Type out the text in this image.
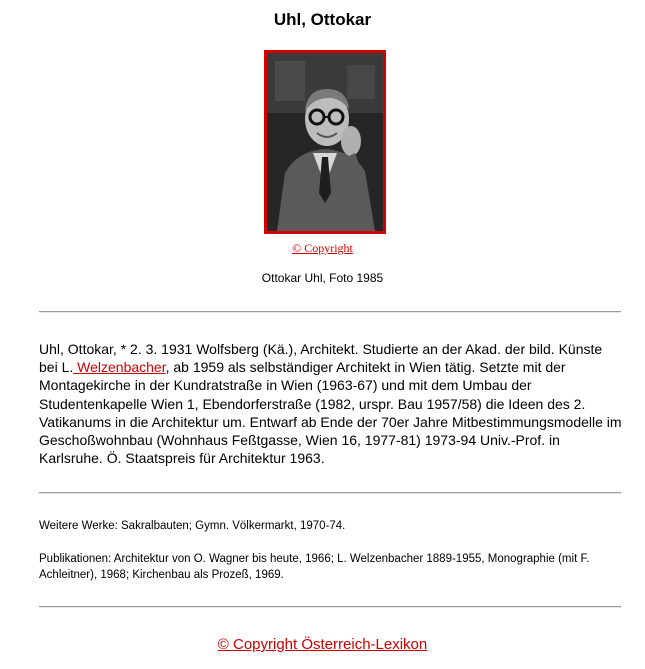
Uhl, Ottokar
© Copyright
Ottokar Uhl, Foto 1985

Uhl, Ottokar, * 2. 3. 1931 Wolfsberg (Kä.), Architekt. Studierte an der Akad. der bild. Künste bei L. Welzenbacher, ab 1959 als selbständiger Architekt in Wien tätig. Setzte mit der Montagekirche in der Kundratstraße in Wien (1963-67) und mit dem Umbau der Studentenkapelle Wien 1, Ebendorferstraße (1982, urspr. Bau 1957/58) die Ideen des 2. Vatikanums in die Architektur um. Entwarf ab Ende der 70er Jahre Mitbestimmungsmodelle im Geschoßwohnbau (Wohnhaus Feßtgasse, Wien 16, 1977-81) 1973-94 Univ.-Prof. in Karlsruhe. Ö. Staatspreis für Architektur 1963.

Weitere Werke: Sakralbauten; Gymn. Völkermarkt, 1970-74.

Publikationen: Architektur von O. Wagner bis heute, 1966; L. Welzenbacher 1889-1955, Monographie (mit F. Achleitner), 1968; Kirchenbau als Prozeß, 1969.

© Copyright Österreich-Lexikon
